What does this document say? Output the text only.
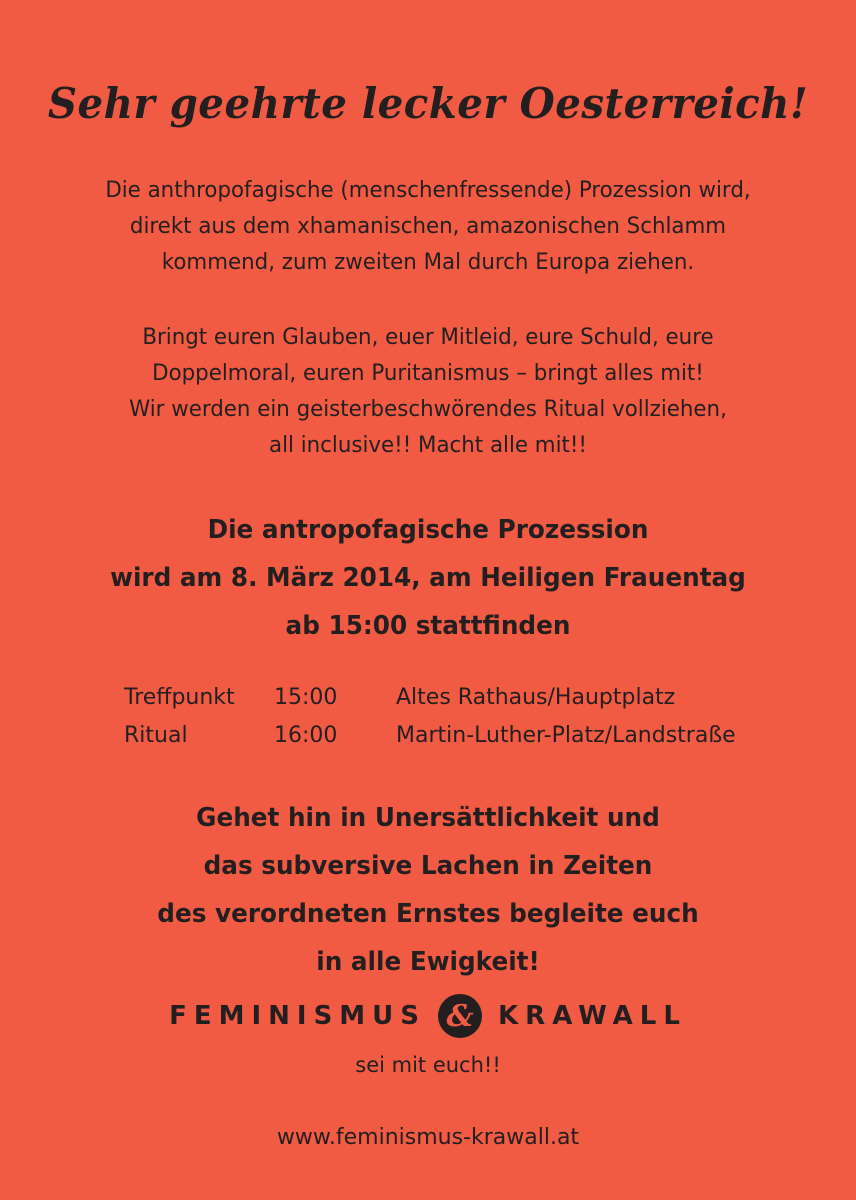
Sehr geehrte lecker Oesterreich!
Die anthropofagische (menschenfressende) Prozession wird,
direkt aus dem xhamanischen, amazonischen Schlamm
kommend, zum zweiten Mal durch Europa ziehen.
Bringt euren Glauben, euer Mitleid, eure Schuld, eure
Doppelmoral, euren Puritanismus – bringt alles mit!
Wir werden ein geisterbeschwörendes Ritual vollziehen,
all inclusive!! Macht alle mit!!
Die antropofagische Prozession
wird am 8. März 2014, am Heiligen Frauentag
ab 15:00 stattfinden
Treffpunkt 15:00	Altes Rathaus/Hauptplatz
Ritual	16:00	Martin-Luther-Platz/Landstraße
Gehet hin in Unersättlichkeit und
das subversive Lachen in Zeiten
des verordneten Ernstes begleite euch
in alle Ewigkeit!
FEMINISMUS & KRAWALL
sei mit euch!!
www.feminismus-krawall.at
